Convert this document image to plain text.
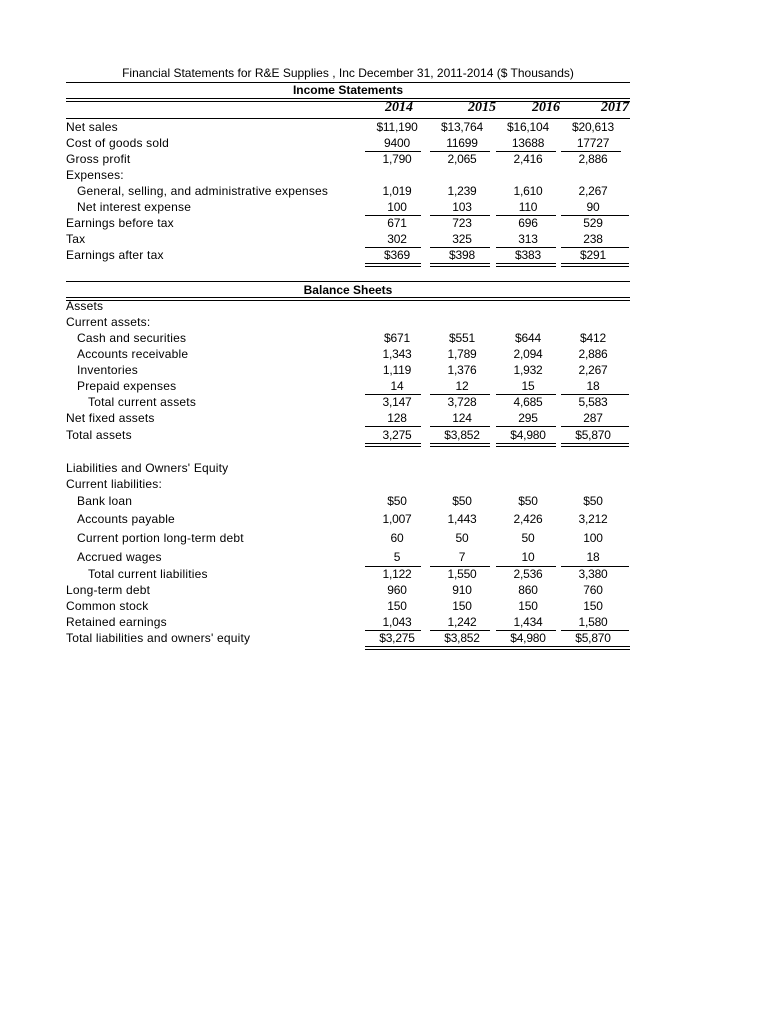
Financial Statements for R&E Supplies , Inc December 31, 2011-2014 ($ Thousands)
Income Statements
2014	2015	2016	2017
Net sales	$11,190	$13,764	$16,104	$20,613
Cost of goods sold	9400	11699	13688	17727
Gross profit	1,790	2,065	2,416	2,886
Expenses:
General, selling, and administrative expenses	1,019	1,239	1,610	2,267
Net interest expense	100	103	110	90
Earnings before tax	671	723	696	529
Tax	302	325	313	238
Earnings after tax	$369	$398	$383	$291
Balance Sheets
Assets
Current assets:
Cash and securities	$671	$551	$644	$412
Accounts receivable	1,343	1,789	2,094	2,886
Inventories	1,119	1,376	1,932	2,267
Prepaid expenses	14	12	15	18
Total current assets	3,147	3,728	4,685	5,583
Net fixed assets	128	124	295	287
Total assets	3,275	$3,852	$4,980	$5,870
Liabilities and Owners' Equity
Current liabilities:
Bank loan	$50	$50	$50	$50
Accounts payable	1,007	1,443	2,426	3,212
Current portion long-term debt	60	50	50	100
Accrued wages	5	7	10	18
Total current liabilities	1,122	1,550	2,536	3,380
Long-term debt	960	910	860	760
Common stock	150	150	150	150
Retained earnings	1,043	1,242	1,434	1,580
Total liabilities and owners' equity	$3,275	$3,852	$4,980	$5,870
